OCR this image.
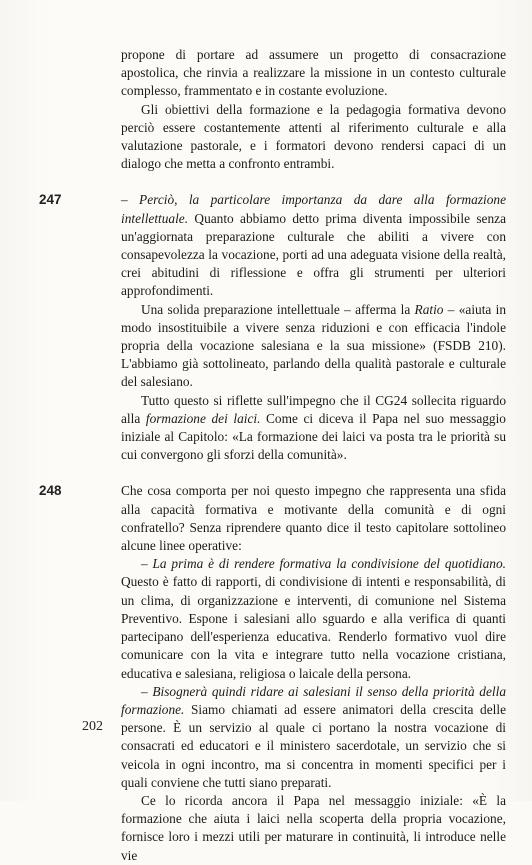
propone di portare ad assumere un progetto di consacrazione apostolica, che rinvia a realizzare la missione in un contesto culturale complesso, frammentato e in costante evoluzione.

Gli obiettivi della formazione e la pedagogia formativa devono perciò essere costantemente attenti al riferimento culturale e alla valutazione pastorale, e i formatori devono rendersi capaci di un dialogo che metta a confronto entrambi.

247	– Perciò, la particolare importanza da dare alla formazione intellettuale. Quanto abbiamo detto prima diventa impossibile senza un'aggiornata preparazione culturale che abiliti a vivere con consapevolezza la vocazione, porti ad una adeguata visione della realtà, crei abitudini di riflessione e offra gli strumenti per ulteriori approfondimenti.

Una solida preparazione intellettuale – afferma la Ratio – «aiuta in modo insostituibile a vivere senza riduzioni e con efficacia l'indole propria della vocazione salesiana e la sua missione» (FSDB 210). L'abbiamo già sottolineato, parlando della qualità pastorale e culturale del salesiano.

Tutto questo si riflette sull'impegno che il CG24 sollecita riguardo alla formazione dei laici. Come ci diceva il Papa nel suo messaggio iniziale al Capitolo: «La formazione dei laici va posta tra le priorità su cui convergono gli sforzi della comunità».

248	Che cosa comporta per noi questo impegno che rappresenta una sfida alla capacità formativa e motivante della comunità e di ogni confratello? Senza riprendere quanto dice il testo capitolare sottolineo alcune linee operative:

– La prima è di rendere formativa la condivisione del quotidiano. Questo è fatto di rapporti, di condivisione di intenti e responsabilità, di un clima, di organizzazione e interventi, di comunione nel Sistema Preventivo. Espone i salesiani allo sguardo e alla verifica di quanti partecipano dell'esperienza educativa. Renderlo formativo vuol dire comunicare con la vita e integrare tutto nella vocazione cristiana, educativa e salesiana, religiosa o laicale della persona.

– Bisognerà quindi ridare ai salesiani il senso della priorità della formazione. Siamo chiamati ad essere animatori della crescita delle persone. È un servizio al quale ci portano la nostra vocazione di consacrati ed educatori e il ministero sacerdotale, un servizio che si veicola in ogni incontro, ma si concentra in momenti specifici per i quali conviene che tutti siano preparati.

Ce lo ricorda ancora il Papa nel messaggio iniziale: «È la formazione che aiuta i laici nella scoperta della propria vocazione, fornisce loro i mezzi utili per maturare in continuità, li introduce nelle vie

202
